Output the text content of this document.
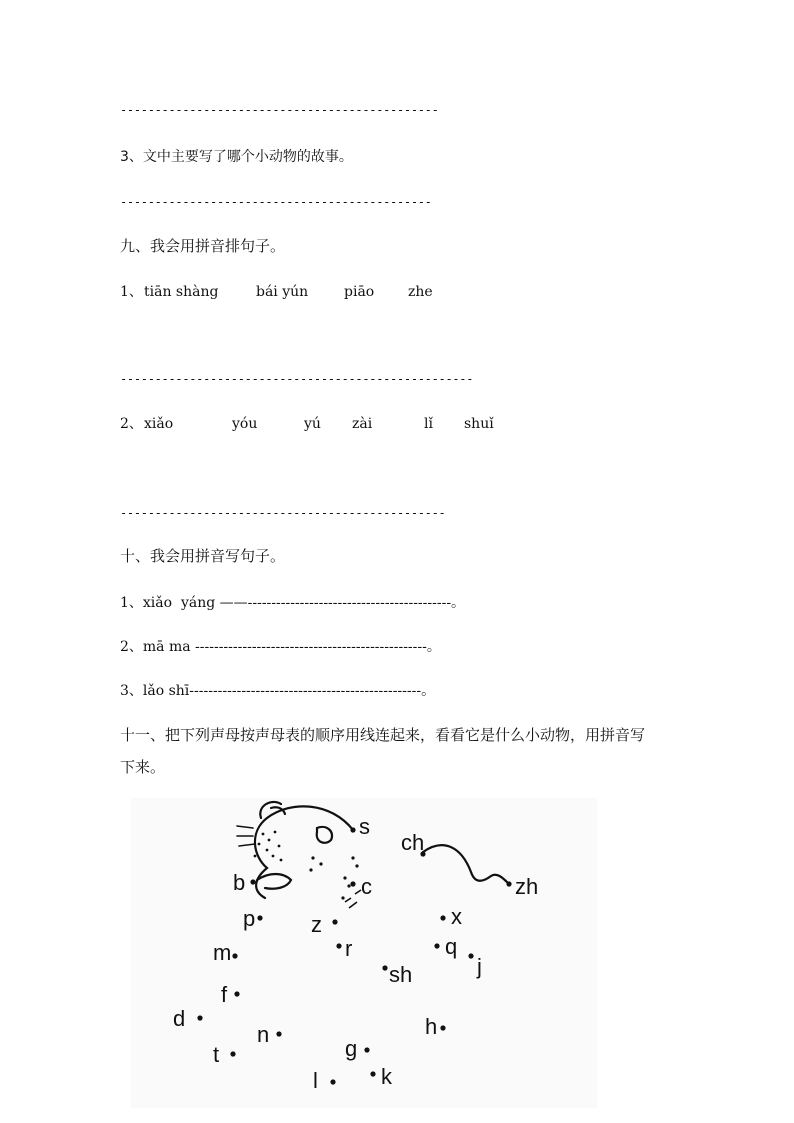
----------------------------------------------
3、文中主要写了哪个小动物的故事。
---------------------------------------------
九、我会用拼音排句子。

1、

tiān shàng

	bái yún

	piāo

zhe

---------------------------------------------------

2、

xiǎo

	yóu

	yú

zài

	lǐ

shuǐ

-----------------------------------------------
十、我会用拼音写句子。
1、xiǎo  yáng ——-------------------------------------------。
2、mā ma -------------------------------------------------。
3、lǎo shī-------------------------------------------------。
十一、把下列声母按声母表的顺序用线连起来，看看它是什么小动物，用拼音写
下来。
b
p
m
f
d
t
n
l
g
k
h
j
q
x
zh
ch
sh
r
z
c
s
